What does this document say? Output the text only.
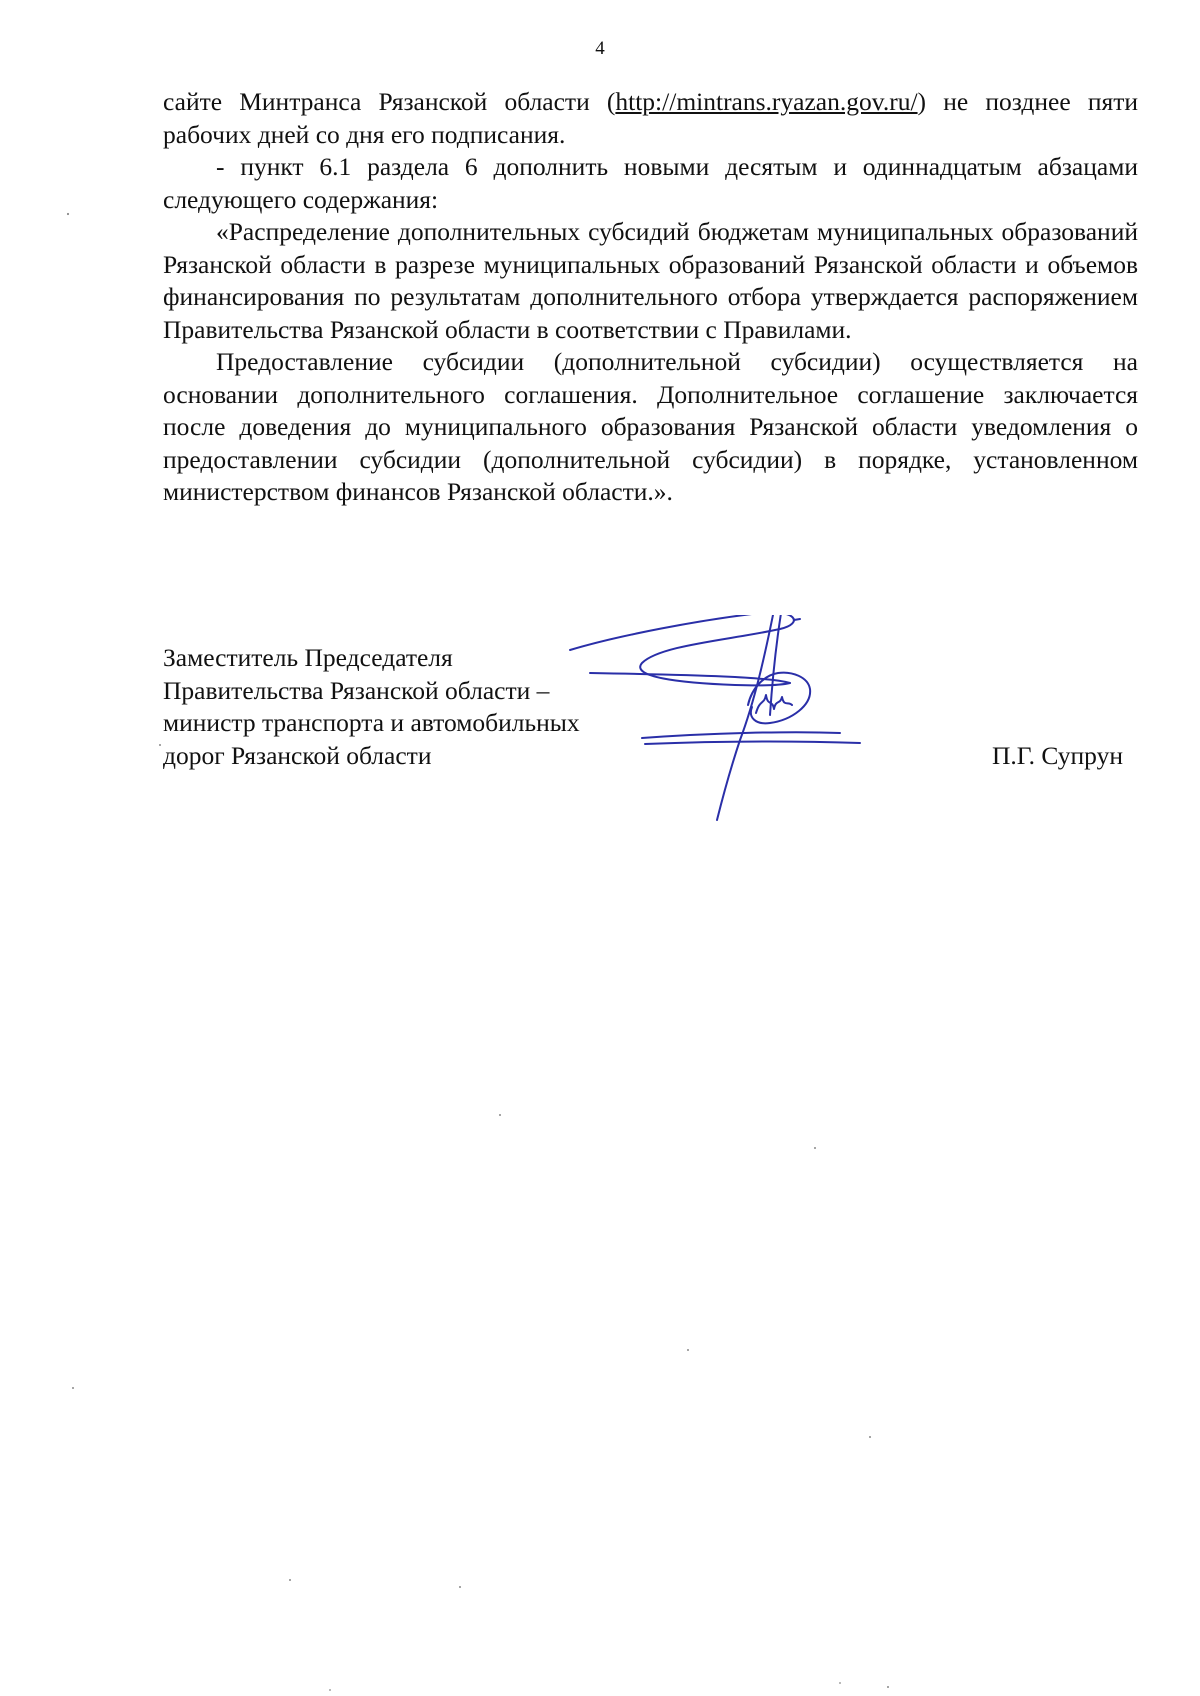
4

сайте Минтранса Рязанской области (http://mintrans.ryazan.gov.ru/) не позднее пяти рабочих дней со дня его подписания.

- пункт 6.1 раздела 6 дополнить новыми десятым и одиннадцатым абзацами следующего содержания:

«Распределение дополнительных субсидий бюджетам муниципальных образований Рязанской области в разрезе муниципальных образований Рязанской области и объемов финансирования по результатам дополнительного отбора утверждается распоряжением Правительства Рязанской области в соответствии с Правилами.

Предоставление субсидии (дополнительной субсидии) осуществляется на основании дополнительного соглашения. Дополнительное соглашение заключается после доведения до муниципального образования Рязанской области уведомления о предоставлении субсидии (дополнительной субсидии) в порядке, установленном министерством финансов Рязанской области.».

Заместитель Председателя
Правительства Рязанской области –
министр транспорта и автомобильных
дорог Рязанской области	П.Г. Супрун
